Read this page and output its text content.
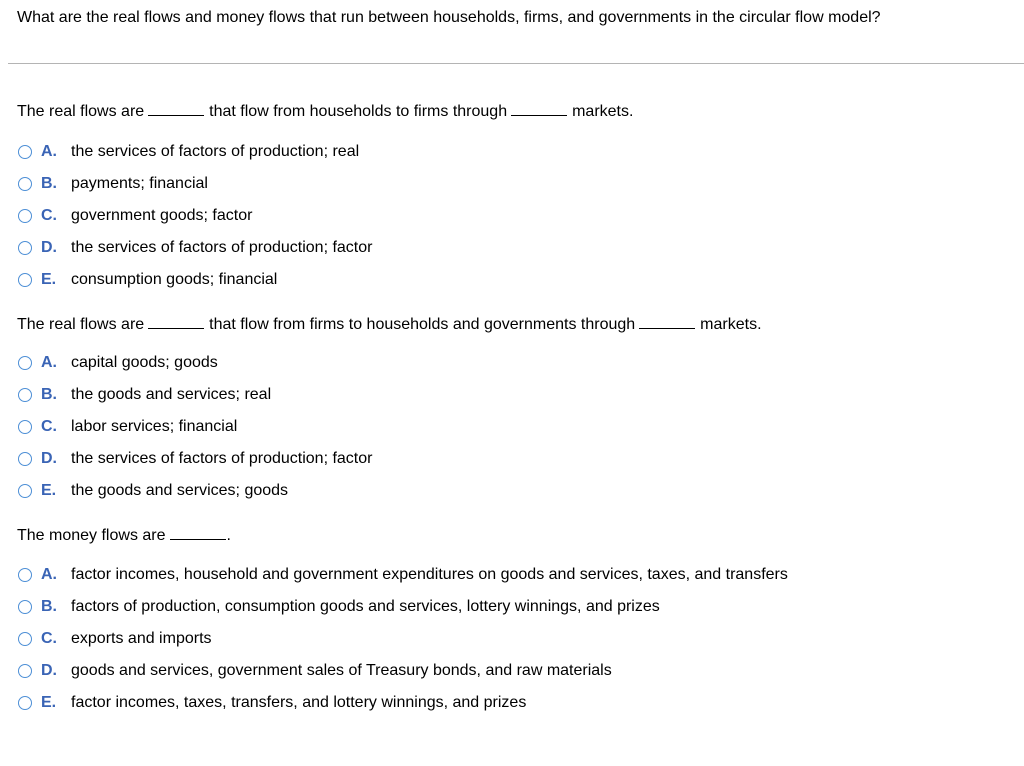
What are the real flows and money flows that run between households, firms, and governments in the circular flow model?
The real flows are	that flow from households to firms through	markets.
A. the services of factors of production; real
B. payments; financial
C. government goods; factor
D. the services of factors of production; factor
E. consumption goods; financial
The real flows are	that flow from firms to households and governments through	markets.
A. capital goods; goods
B. the goods and services; real
C. labor services; financial
D. the services of factors of production; factor
E. the goods and services; goods
The money flows are	.
A. factor incomes, household and government expenditures on goods and services, taxes, and transfers
B. factors of production, consumption goods and services, lottery winnings, and prizes
C. exports and imports
D. goods and services, government sales of Treasury bonds, and raw materials
E. factor incomes, taxes, transfers, and lottery winnings, and prizes
